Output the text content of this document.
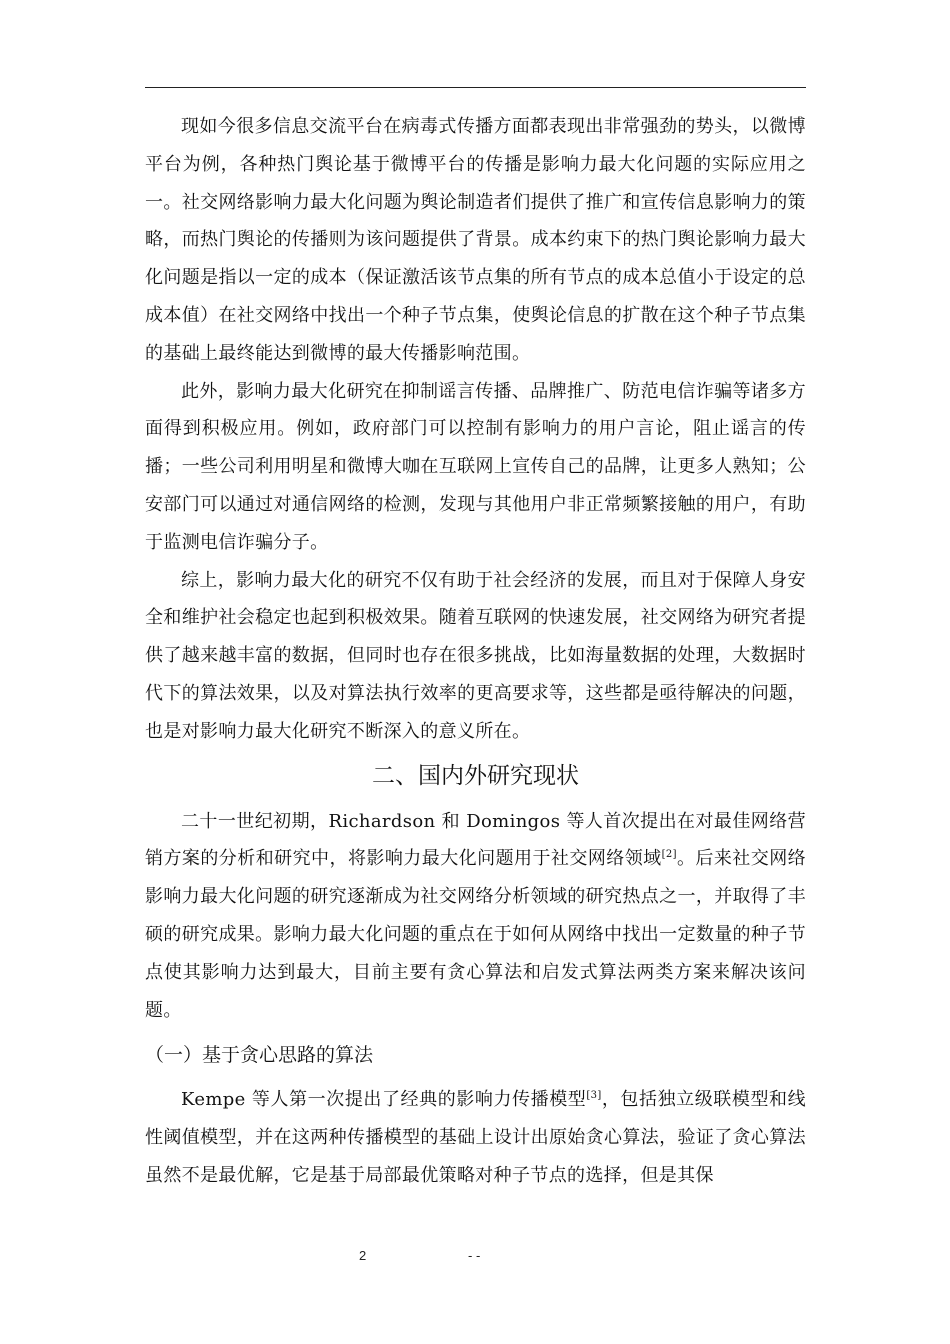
现如今很多信息交流平台在病毒式传播方面都表现出非常强劲的势头，以微博平台为例，各种热门舆论基于微博平台的传播是影响力最大化问题的实际应用之一。社交网络影响力最大化问题为舆论制造者们提供了推广和宣传信息影响力的策略，而热门舆论的传播则为该问题提供了背景。成本约束下的热门舆论影响力最大化问题是指以一定的成本（保证激活该节点集的所有节点的成本总值小于设定的总成本值）在社交网络中找出一个种子节点集，使舆论信息的扩散在这个种子节点集的基础上最终能达到微博的最大传播影响范围。

此外，影响力最大化研究在抑制谣言传播、品牌推广、防范电信诈骗等诸多方面得到积极应用。例如，政府部门可以控制有影响力的用户言论，阻止谣言的传播；一些公司利用明星和微博大咖在互联网上宣传自己的品牌，让更多人熟知；公安部门可以通过对通信网络的检测，发现与其他用户非正常频繁接触的用户，有助于监测电信诈骗分子。

综上，影响力最大化的研究不仅有助于社会经济的发展，而且对于保障人身安全和维护社会稳定也起到积极效果。随着互联网的快速发展，社交网络为研究者提供了越来越丰富的数据，但同时也存在很多挑战，比如海量数据的处理，大数据时代下的算法效果，以及对算法执行效率的更高要求等，这些都是亟待解决的问题，也是对影响力最大化研究不断深入的意义所在。

二、国内外研究现状

二十一世纪初期，Richardson 和 Domingos 等人首次提出在对最佳网络营销方案的分析和研究中，将影响力最大化问题用于社交网络领域[2]。后来社交网络影响力最大化问题的研究逐渐成为社交网络分析领域的研究热点之一，并取得了丰硕的研究成果。影响力最大化问题的重点在于如何从网络中找出一定数量的种子节点使其影响力达到最大，目前主要有贪心算法和启发式算法两类方案来解决该问题。

（一）基于贪心思路的算法

Kempe 等人第一次提出了经典的影响力传播模型[3]，包括独立级联模型和线性阈值模型，并在这两种传播模型的基础上设计出原始贪心算法，验证了贪心算法虽然不是最优解，它是基于局部最优策略对种子节点的选择，但是其保

2	- -
